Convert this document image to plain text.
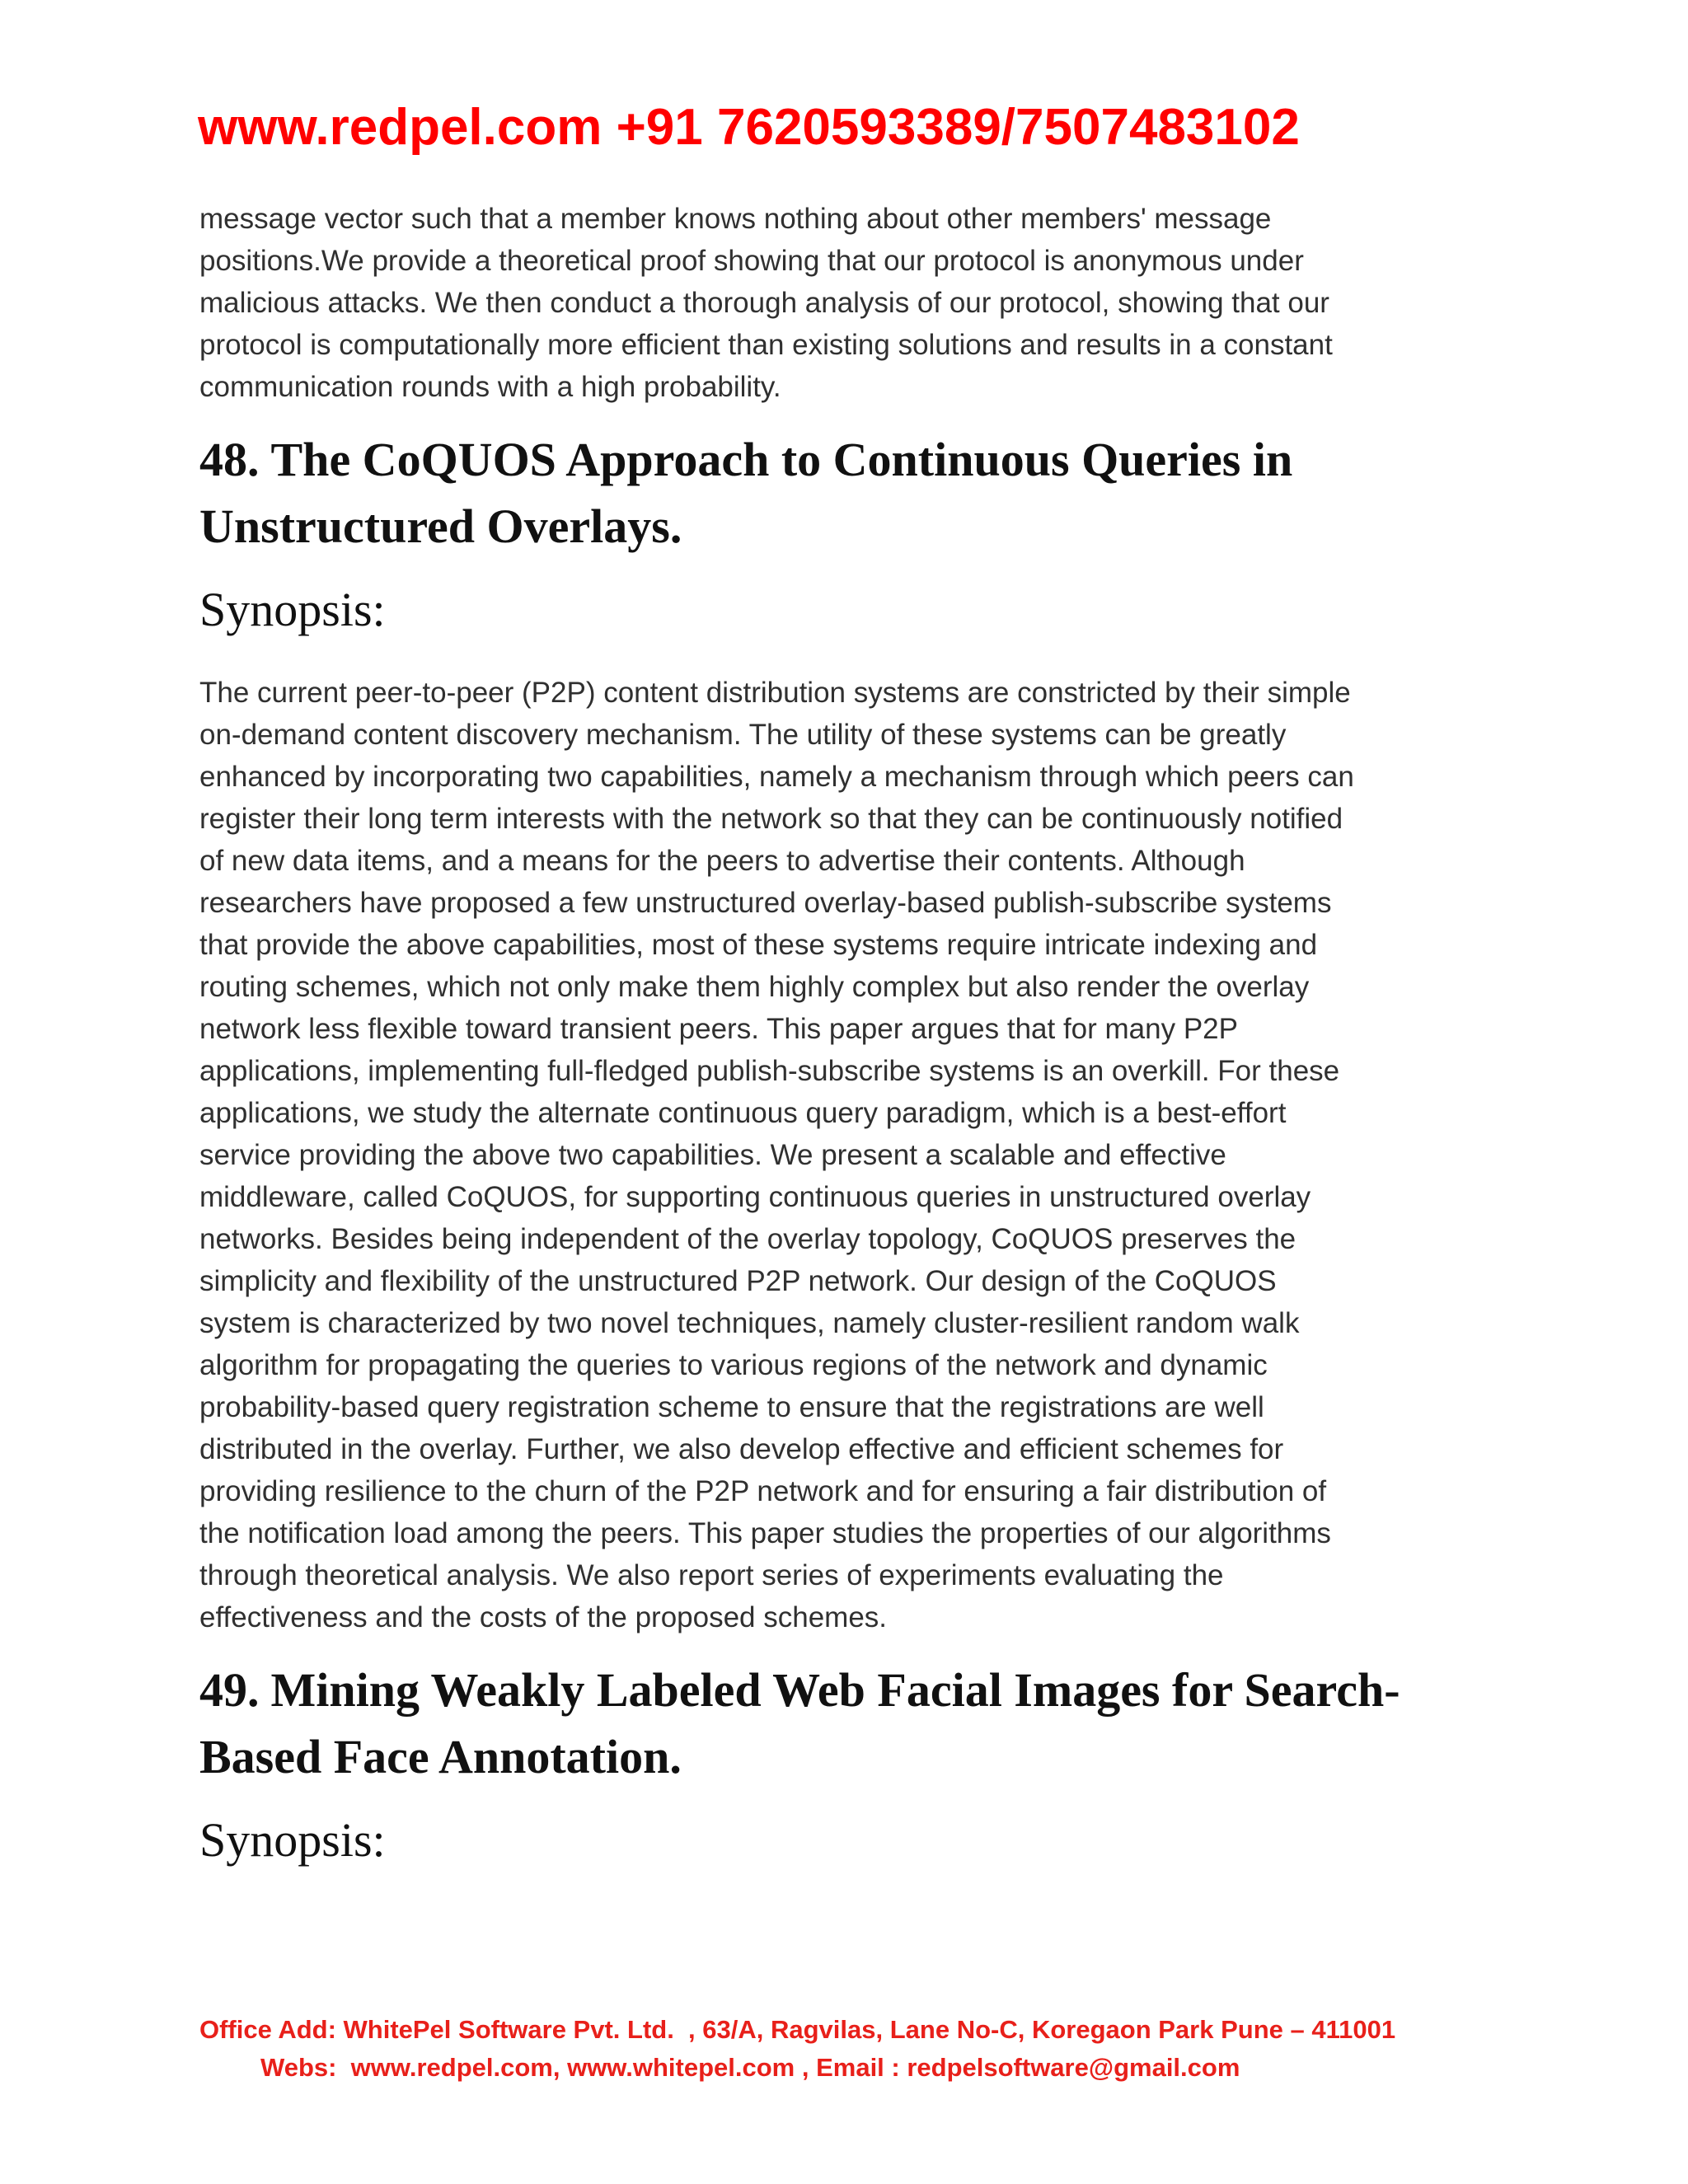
www.redpel.com +91 7620593389/7507483102

message vector such that a member knows nothing about other members' message
positions.We provide a theoretical proof showing that our protocol is anonymous under
malicious attacks. We then conduct a thorough analysis of our protocol, showing that our
protocol is computationally more efficient than existing solutions and results in a constant
communication rounds with a high probability.

48. The CoQUOS Approach to Continuous Queries in
Unstructured Overlays.
Synopsis:

The current peer-to-peer (P2P) content distribution systems are constricted by their simple
on-demand content discovery mechanism. The utility of these systems can be greatly
enhanced by incorporating two capabilities, namely a mechanism through which peers can
register their long term interests with the network so that they can be continuously notified
of new data items, and a means for the peers to advertise their contents. Although
researchers have proposed a few unstructured overlay-based publish-subscribe systems
that provide the above capabilities, most of these systems require intricate indexing and
routing schemes, which not only make them highly complex but also render the overlay
network less flexible toward transient peers. This paper argues that for many P2P
applications, implementing full-fledged publish-subscribe systems is an overkill. For these
applications, we study the alternate continuous query paradigm, which is a best-effort
service providing the above two capabilities. We present a scalable and effective
middleware, called CoQUOS, for supporting continuous queries in unstructured overlay
networks. Besides being independent of the overlay topology, CoQUOS preserves the
simplicity and flexibility of the unstructured P2P network. Our design of the CoQUOS
system is characterized by two novel techniques, namely cluster-resilient random walk
algorithm for propagating the queries to various regions of the network and dynamic
probability-based query registration scheme to ensure that the registrations are well
distributed in the overlay. Further, we also develop effective and efficient schemes for
providing resilience to the churn of the P2P network and for ensuring a fair distribution of
the notification load among the peers. This paper studies the properties of our algorithms
through theoretical analysis. We also report series of experiments evaluating the
effectiveness and the costs of the proposed schemes.

49. Mining Weakly Labeled Web Facial Images for Search-
Based Face Annotation.
Synopsis:
Office Add: WhitePel Software Pvt. Ltd.  , 63/A, Ragvilas, Lane No-C, Koregaon Park Pune – 411001
Webs:  www.redpel.com, www.whitepel.com , Email : redpelsoftware@gmail.com
